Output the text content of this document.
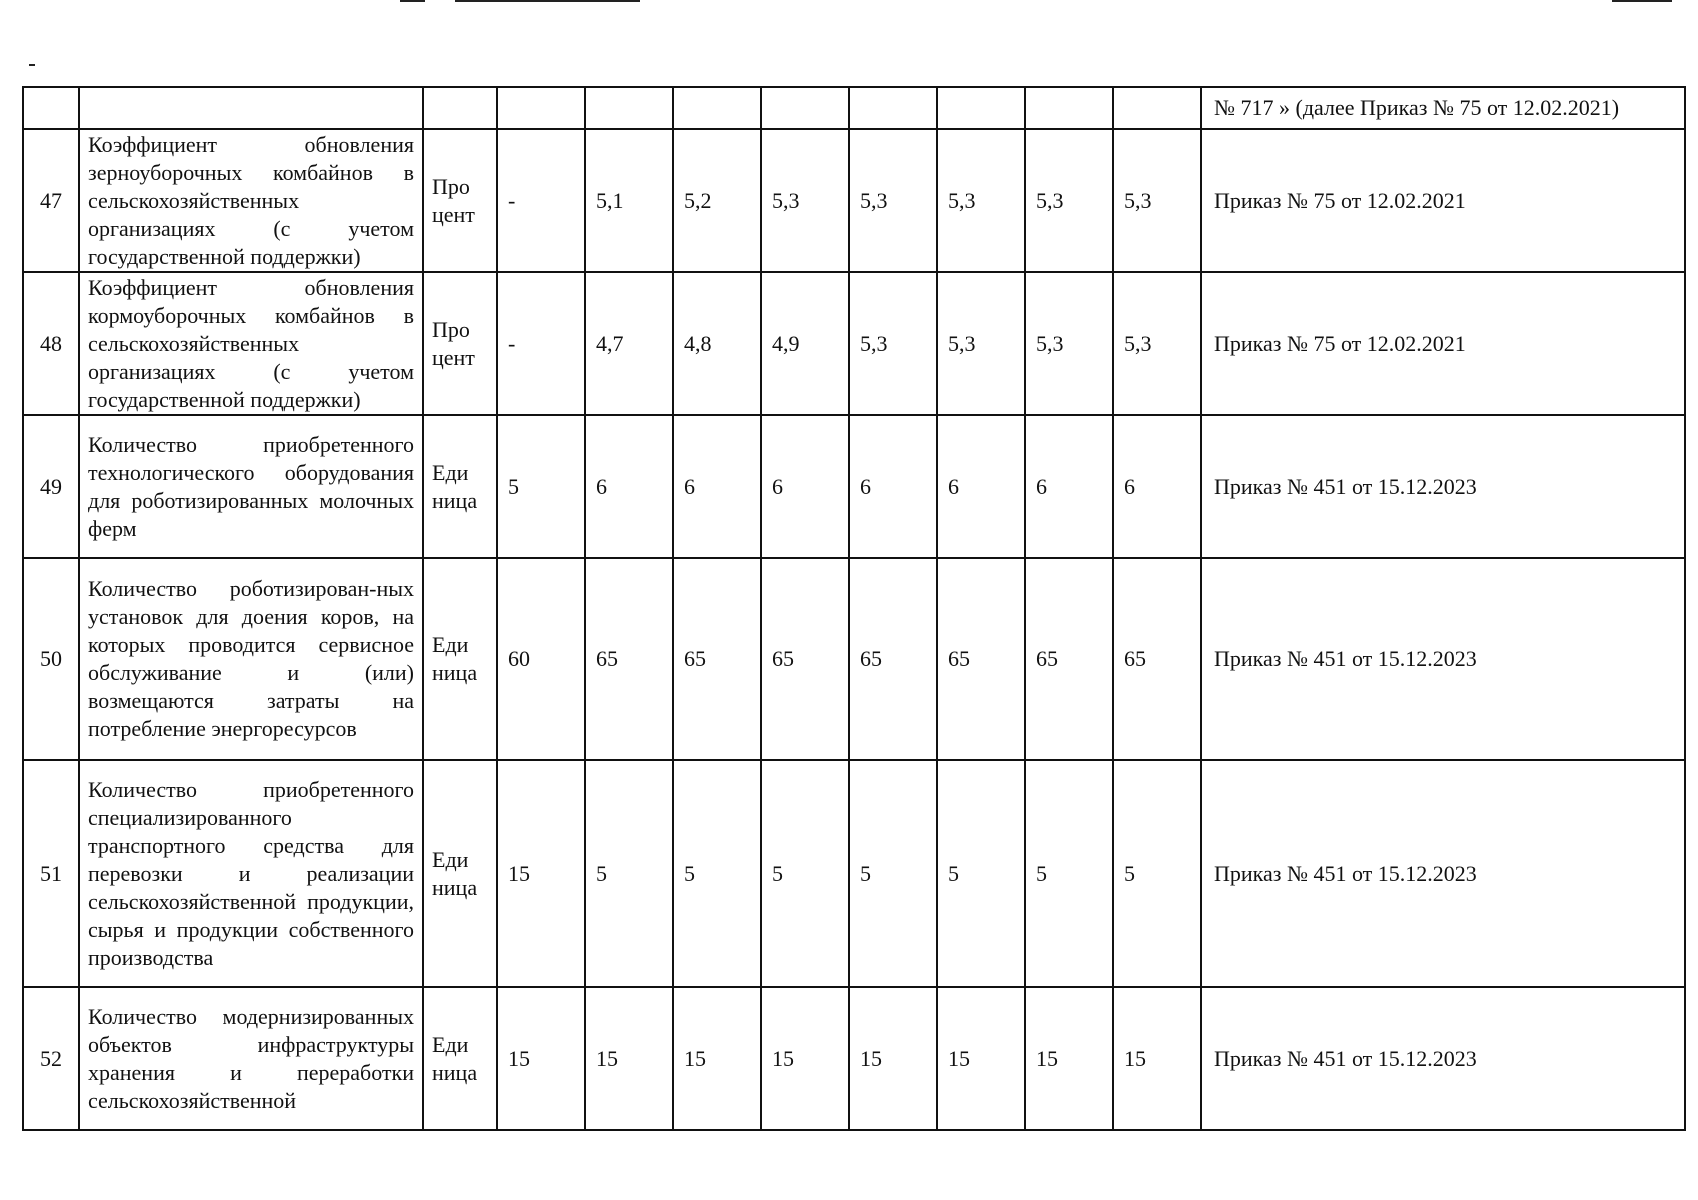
											№ 717 » (далее Приказ № 75 от 12.02.2021)
47	Коэффициент обновления зерноуборочных комбайнов в сельскохозяйственных организациях (с учетом государственной поддержки)	Про цент	-	5,1	5,2	5,3	5,3	5,3	5,3	5,3	Приказ № 75 от 12.02.2021
48	Коэффициент обновления кормоуборочных комбайнов в сельскохозяйственных организациях (с учетом государственной поддержки)	Про цент	-	4,7	4,8	4,9	5,3	5,3	5,3	5,3	Приказ № 75 от 12.02.2021
49	Количество приобретенного технологического оборудования для роботизированных молочных ферм	Еди ница	5	6	6	6	6	6	6	6	Приказ № 451 от 15.12.2023
50	Количество роботизирован-ных установок для доения коров, на которых проводится сервисное обслуживание и (или) возмещаются затраты на потребление энергоресурсов	Еди ница	60	65	65	65	65	65	65	65	Приказ № 451 от 15.12.2023
51	Количество приобретенного специализированного транспортного средства для перевозки и реализации сельскохозяйственной продукции, сырья и продукции собственного производства	Еди ница	15	5	5	5	5	5	5	5	Приказ № 451 от 15.12.2023
52	Количество модернизированных объектов инфраструктуры хранения и переработки сельскохозяйственной	Еди ница	15	15	15	15	15	15	15	15	Приказ № 451 от 15.12.2023
